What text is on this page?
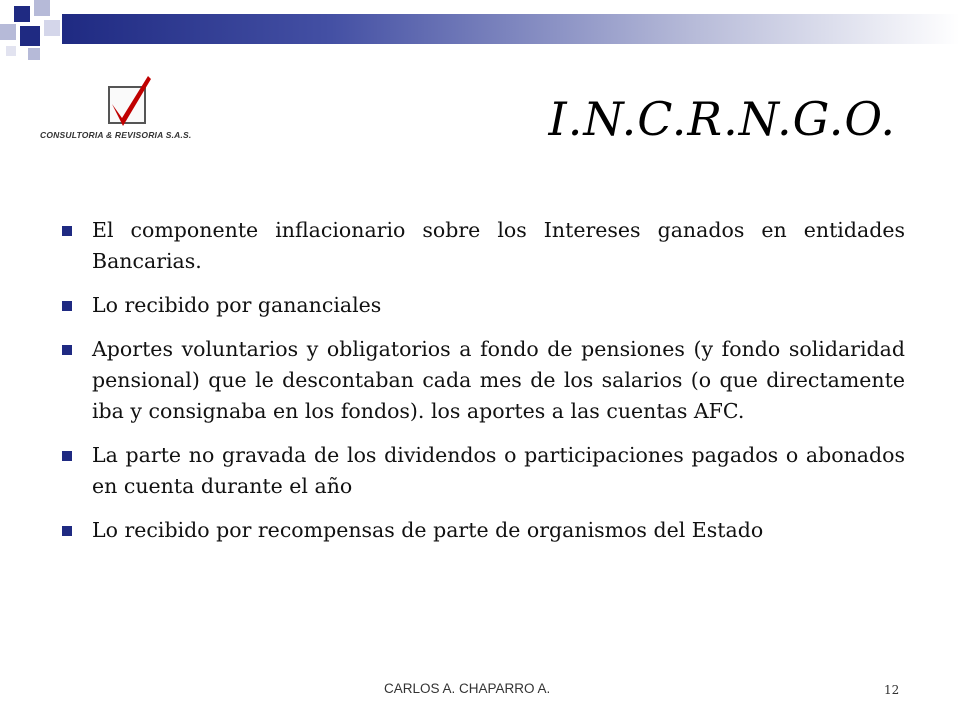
CONSULTORIA & REVISORIA S.A.S.	I.N.C.R.N.G.O.
El componente inflacionario sobre los Intereses ganados en entidades Bancarias.
Lo recibido por gananciales
Aportes voluntarios y obligatorios a fondo de pensiones (y fondo solidaridad pensional) que le descontaban cada mes de los salarios (o que directamente iba y consignaba en los fondos). los aportes a las cuentas AFC.
La parte no gravada de los dividendos o participaciones pagados o abonados en cuenta durante el año
Lo recibido por recompensas de parte de organismos del Estado
CARLOS A. CHAPARRO A.	12
